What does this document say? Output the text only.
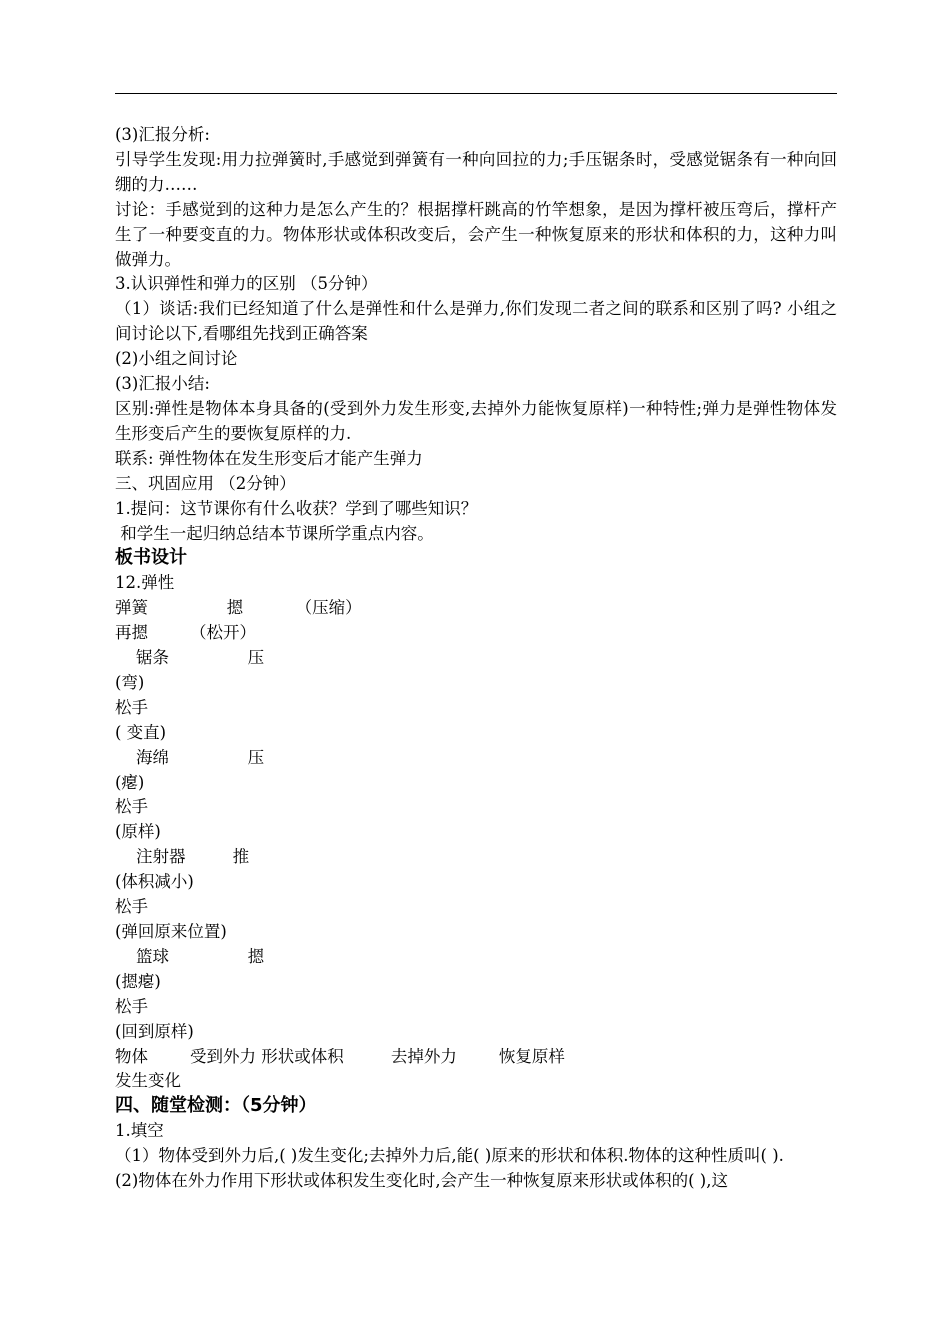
(3)汇报分析:

引导学生发现:用力拉弹簧时,手感觉到弹簧有一种向回拉的力;手压锯条时，受感觉锯条有一种向回绷的力……

讨论：手感觉到的这种力是怎么产生的？根据撑杆跳高的竹竿想象，是因为撑杆被压弯后，撑杆产生了一种要变直的力。物体形状或体积改变后，会产生一种恢复原来的形状和体积的力，这种力叫做弹力。

3.认识弹性和弹力的区别 （5分钟）

（1）谈话:我们已经知道了什么是弹性和什么是弹力,你们发现二者之间的联系和区别了吗? 小组之间讨论以下,看哪组先找到正确答案

(2)小组之间讨论

(3)汇报小结:

区别:弹性是物体本身具备的(受到外力发生形变,去掉外力能恢复原样)一种特性;弹力是弹性物体发生形变后产生的要恢复原样的力.

联系: 弹性物体在发生形变后才能产生弹力

三、巩固应用 （2分钟）

1.提问：这节课你有什么收获？学到了哪些知识？

和学生一起归纳总结本节课所学重点内容。

板书设计

12.弹性

弹簧               摁          （压缩）

再摁        （松开）

锯条               压

(弯)

松手

( 变直)

海绵               压

(瘪)

松手

(原样)

注射器         推

(体积减小)

松手

(弹回原来位置)

篮球               摁

(摁瘪)

松手

(回到原样)

物体        受到外力 形状或体积         去掉外力        恢复原样

发生变化

四、随堂检测：（5分钟）

1.填空

（1）物体受到外力后,( )发生变化;去掉外力后,能( )原来的形状和体积.物体的这种性质叫( ).

(2)物体在外力作用下形状或体积发生变化时,会产生一种恢复原来形状或体积的( ),这
